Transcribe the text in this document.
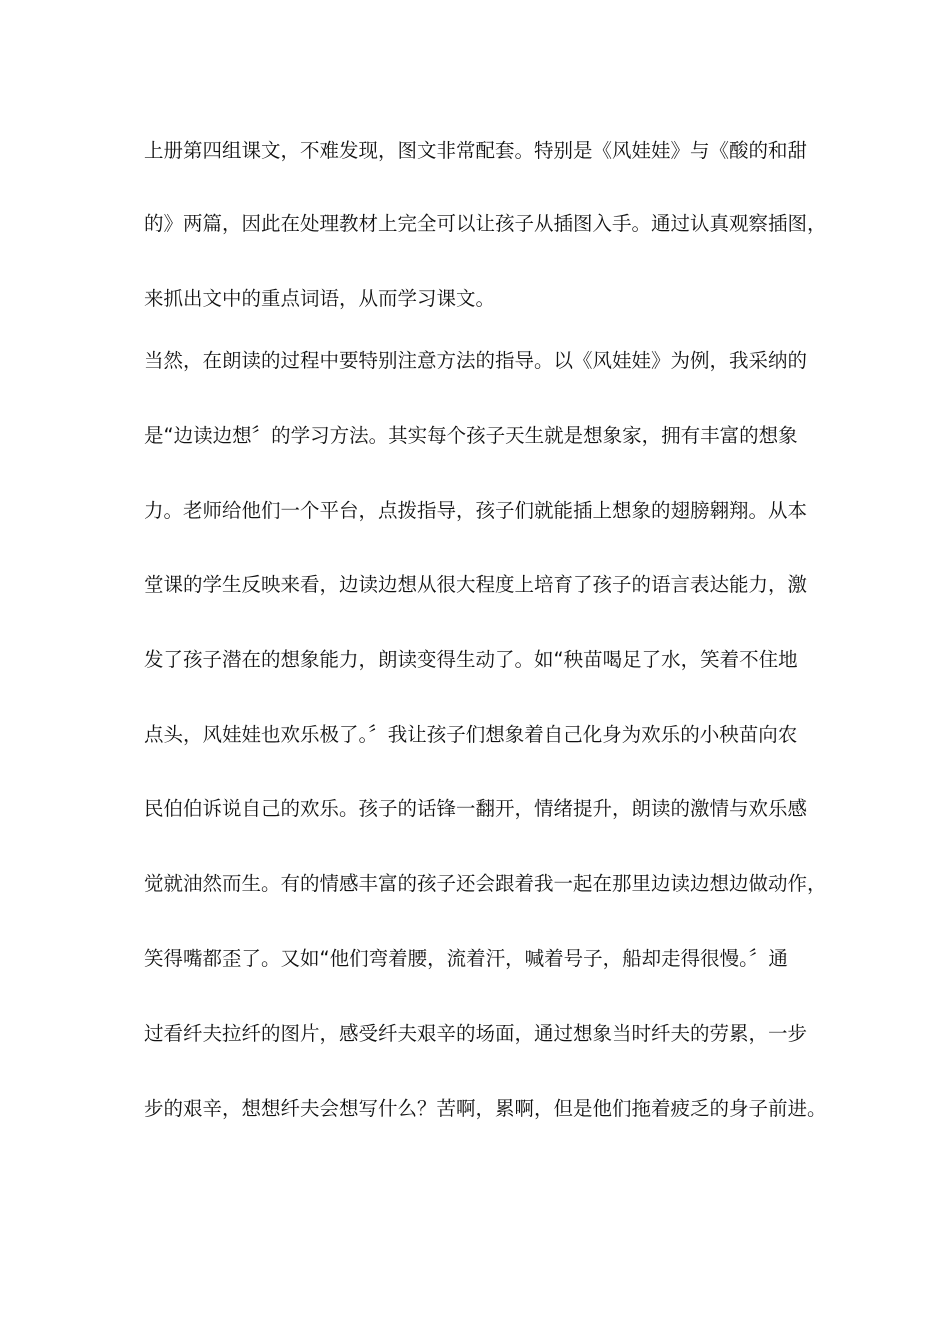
上册第四组课文，不难发现，图文非常配套。特别是《风娃娃》与《酸的和甜
的》两篇，因此在处理教材上完全可以让孩子从插图入手。通过认真观察插图，
来抓出文中的重点词语，从而学习课文。
当然，在朗读的过程中要特别注意方法的指导。以《风娃娃》为例，我采纳的
是“边读边想〞的学习方法。其实每个孩子天生就是想象家，拥有丰富的想象
力。老师给他们一个平台，点拨指导，孩子们就能插上想象的翅膀翱翔。从本
堂课的学生反映来看，边读边想从很大程度上培育了孩子的语言表达能力，激
发了孩子潜在的想象能力，朗读变得生动了。如“秧苗喝足了水，笑着不住地
点头，风娃娃也欢乐极了。〞我让孩子们想象着自己化身为欢乐的小秧苗向农
民伯伯诉说自己的欢乐。孩子的话锋一翻开，情绪提升，朗读的激情与欢乐感
觉就油然而生。有的情感丰富的孩子还会跟着我一起在那里边读边想边做动作，
笑得嘴都歪了。又如“他们弯着腰，流着汗，喊着号子，船却走得很慢。〞通
过看纤夫拉纤的图片，感受纤夫艰辛的场面，通过想象当时纤夫的劳累，一步
步的艰辛，想想纤夫会想写什么？苦啊，累啊，但是他们拖着疲乏的身子前进。
